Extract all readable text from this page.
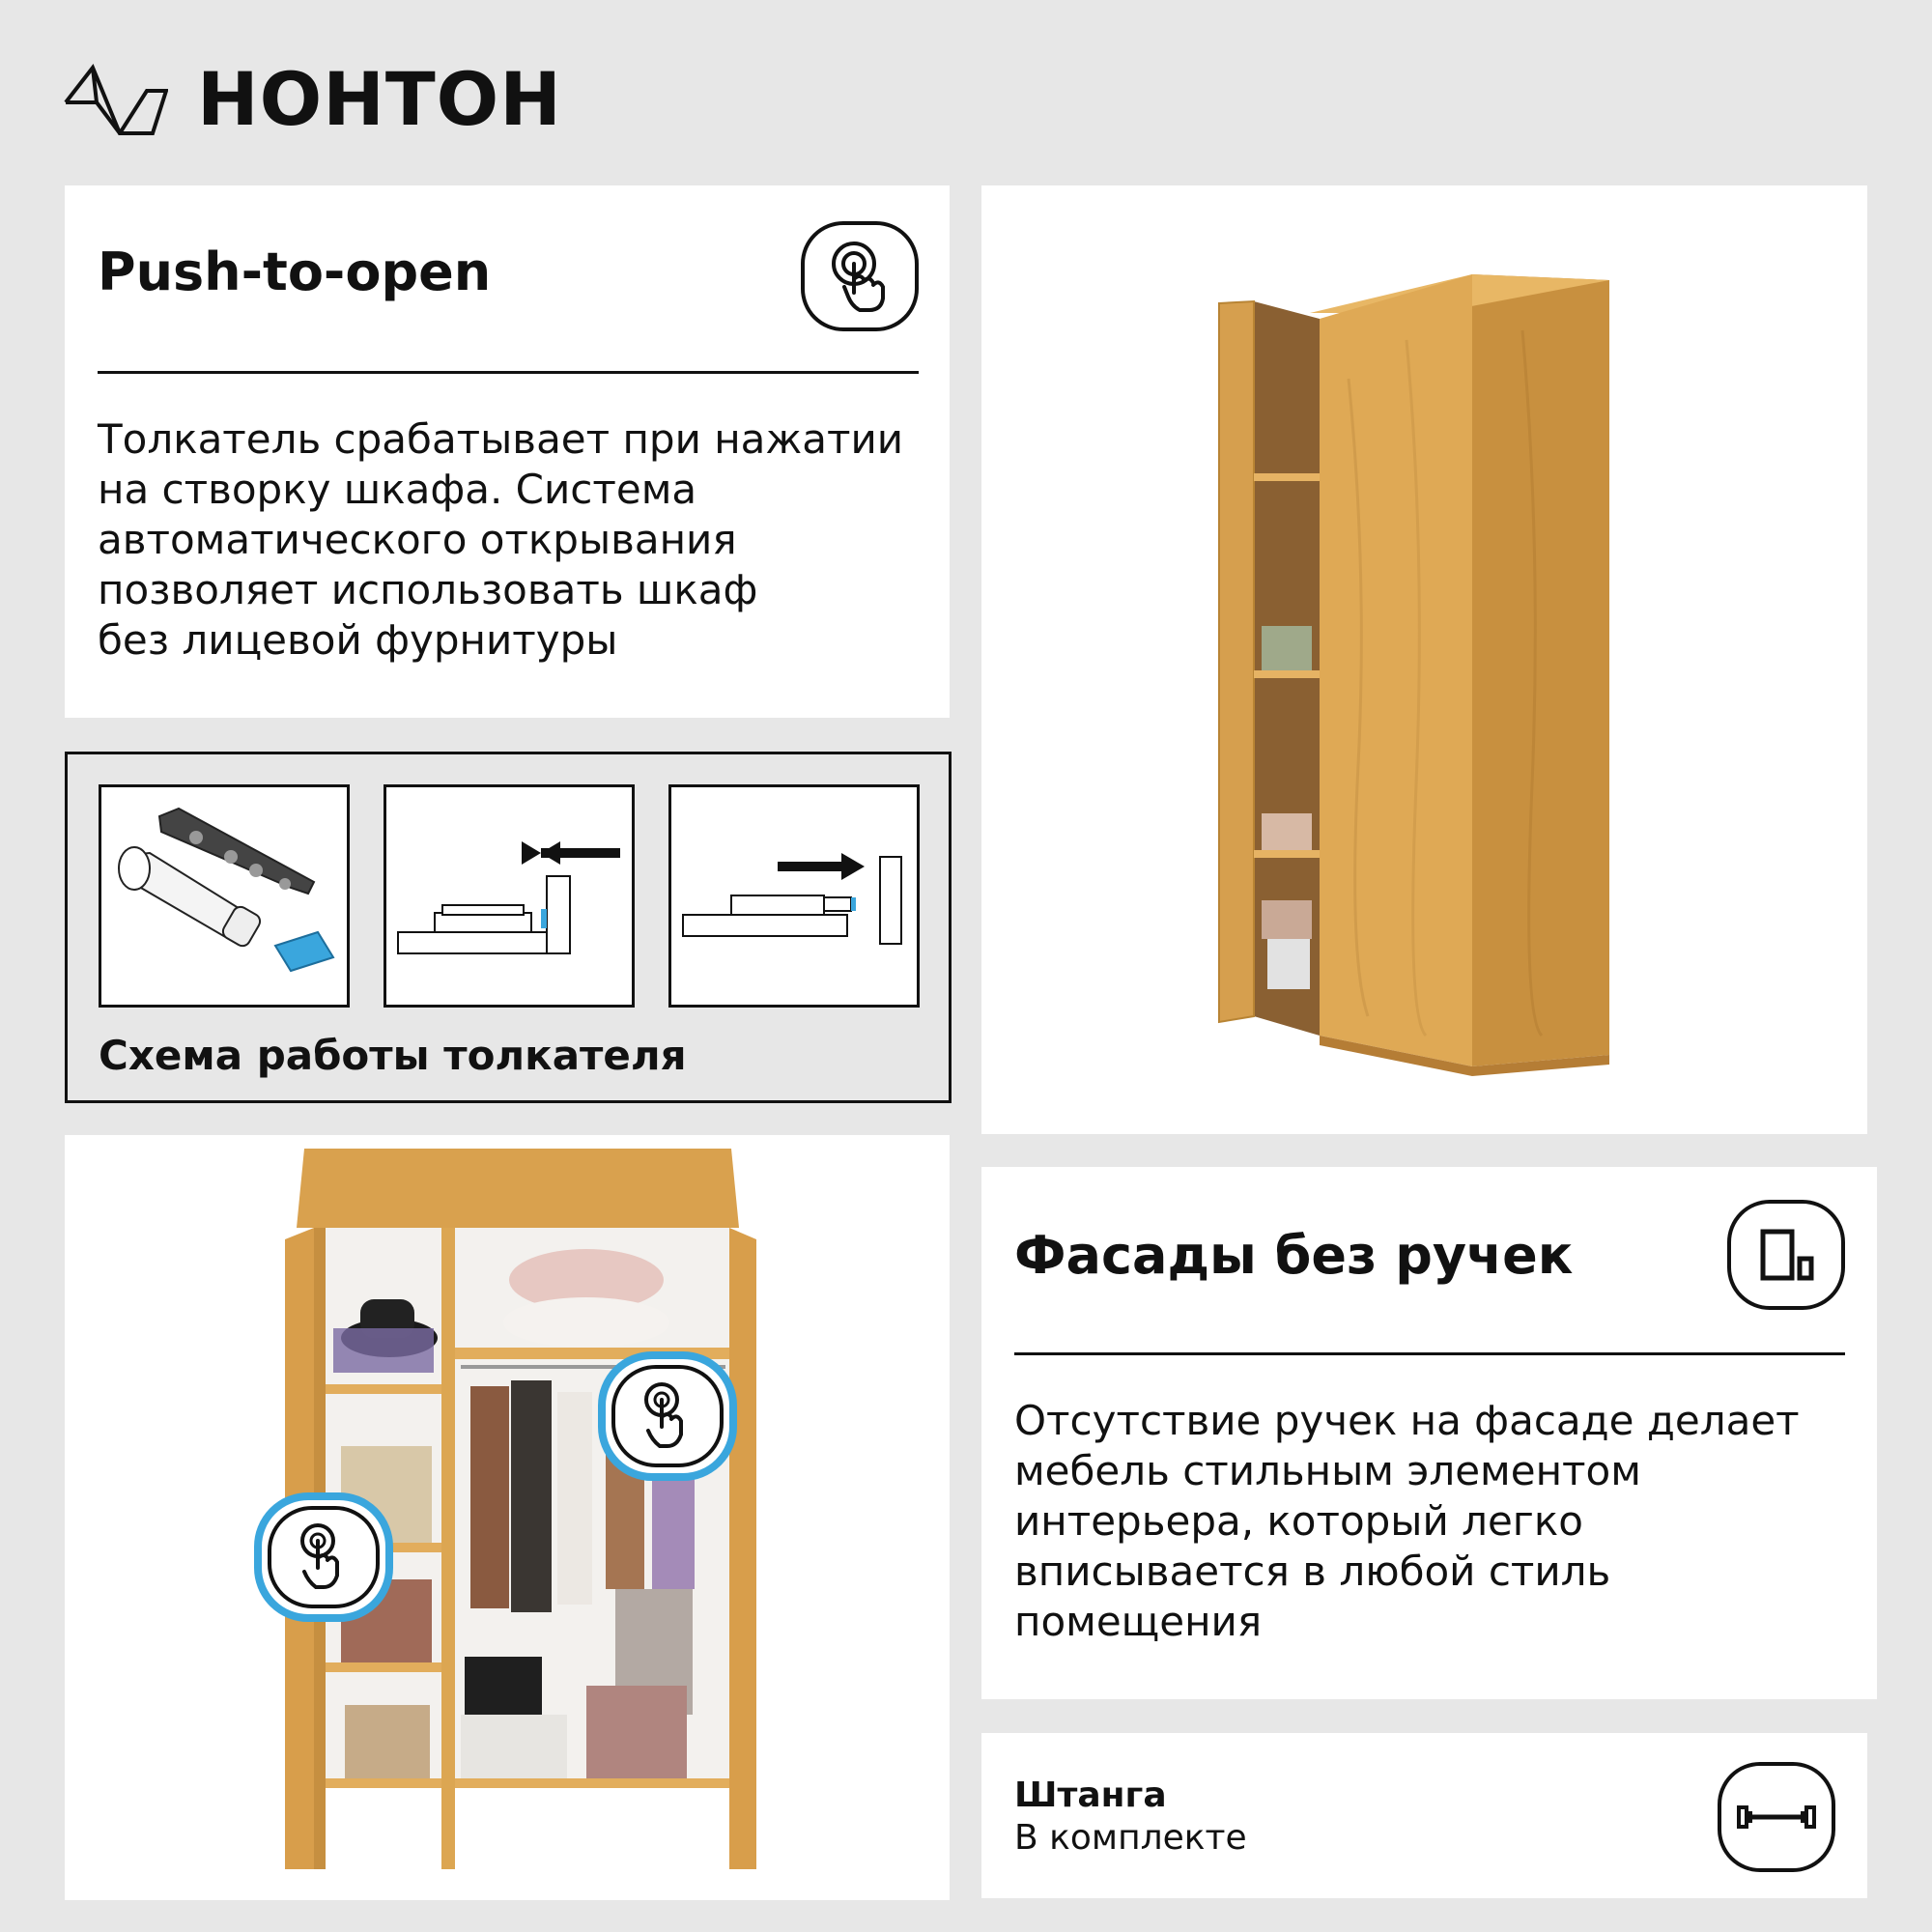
НОНТОН
Push-to-open
Толкатель срабатывает при нажатии
на створку шкафа. Система
автоматического открывания
позволяет использовать шкаф
без лицевой фурнитуры
Схема работы толкателя
Фасады без ручек
Отсутствие ручек на фасаде делает
мебель стильным элементом
интерьера, который легко
вписывается в любой стиль
помещения
Штанга
В комплекте
